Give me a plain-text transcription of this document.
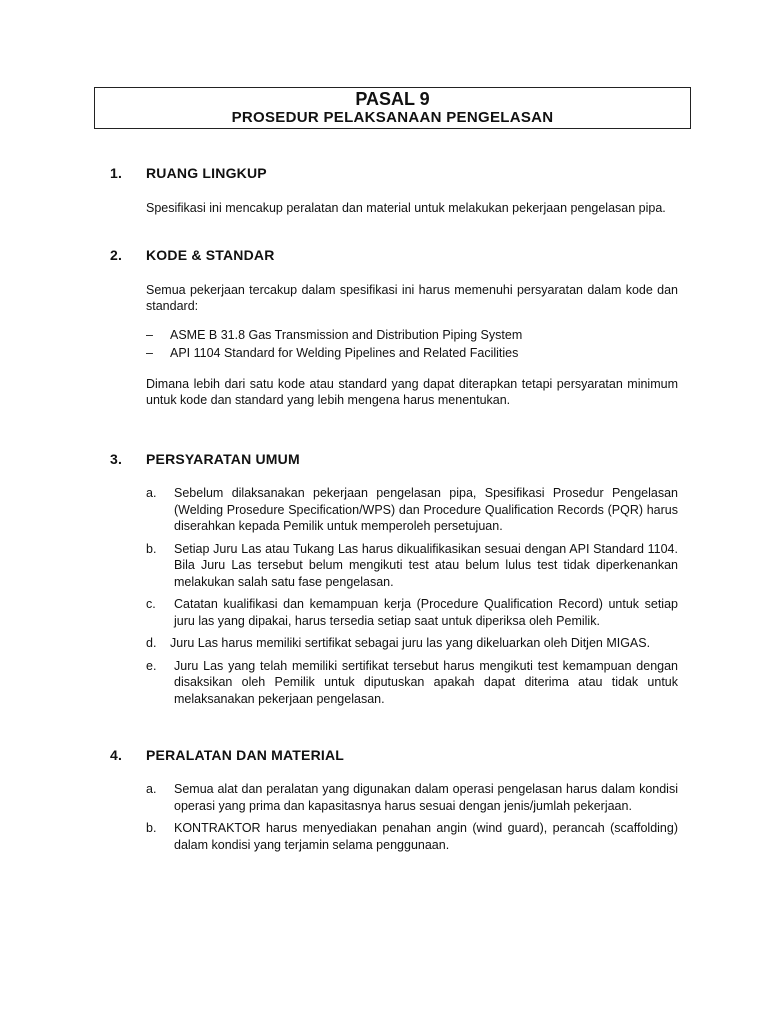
PASAL 9
PROSEDUR PELAKSANAAN PENGELASAN
1. RUANG LINGKUP
Spesifikasi ini mencakup peralatan dan material untuk melakukan pekerjaan pengelasan pipa.
2. KODE & STANDAR
Semua pekerjaan tercakup dalam spesifikasi ini harus memenuhi persyaratan dalam kode dan standard:
– ASME B 31.8 Gas Transmission and Distribution Piping System
– API 1104 Standard for Welding Pipelines and Related Facilities
Dimana lebih dari satu kode atau standard yang dapat diterapkan tetapi persyaratan minimum untuk kode dan standard yang lebih mengena harus menentukan.
3. PERSYARATAN UMUM
a. Sebelum dilaksanakan pekerjaan pengelasan pipa, Spesifikasi Prosedur Pengelasan (Welding Prosedure Specification/WPS) dan Procedure Qualification Records (PQR) harus diserahkan kepada Pemilik untuk memperoleh persetujuan.
b. Setiap Juru Las atau Tukang Las harus dikualifikasikan sesuai dengan API Standard 1104. Bila Juru Las tersebut belum mengikuti test atau belum lulus test tidak diperkenankan melakukan salah satu fase pengelasan.
c. Catatan kualifikasi dan kemampuan kerja (Procedure Qualification Record) untuk setiap juru las yang dipakai, harus tersedia setiap saat untuk diperiksa oleh Pemilik.
d. Juru Las harus memiliki sertifikat sebagai juru las yang dikeluarkan oleh Ditjen MIGAS.
e. Juru Las yang telah memiliki sertifikat tersebut harus mengikuti test kemampuan dengan disaksikan oleh Pemilik untuk diputuskan apakah dapat diterima atau tidak untuk melaksanakan pekerjaan pengelasan.
4. PERALATAN DAN MATERIAL
a. Semua alat dan peralatan yang digunakan dalam operasi pengelasan harus dalam kondisi operasi yang prima dan kapasitasnya harus sesuai dengan jenis/jumlah pekerjaan.
b. KONTRAKTOR harus menyediakan penahan angin (wind guard), perancah (scaffolding) dalam kondisi yang terjamin selama penggunaan.
